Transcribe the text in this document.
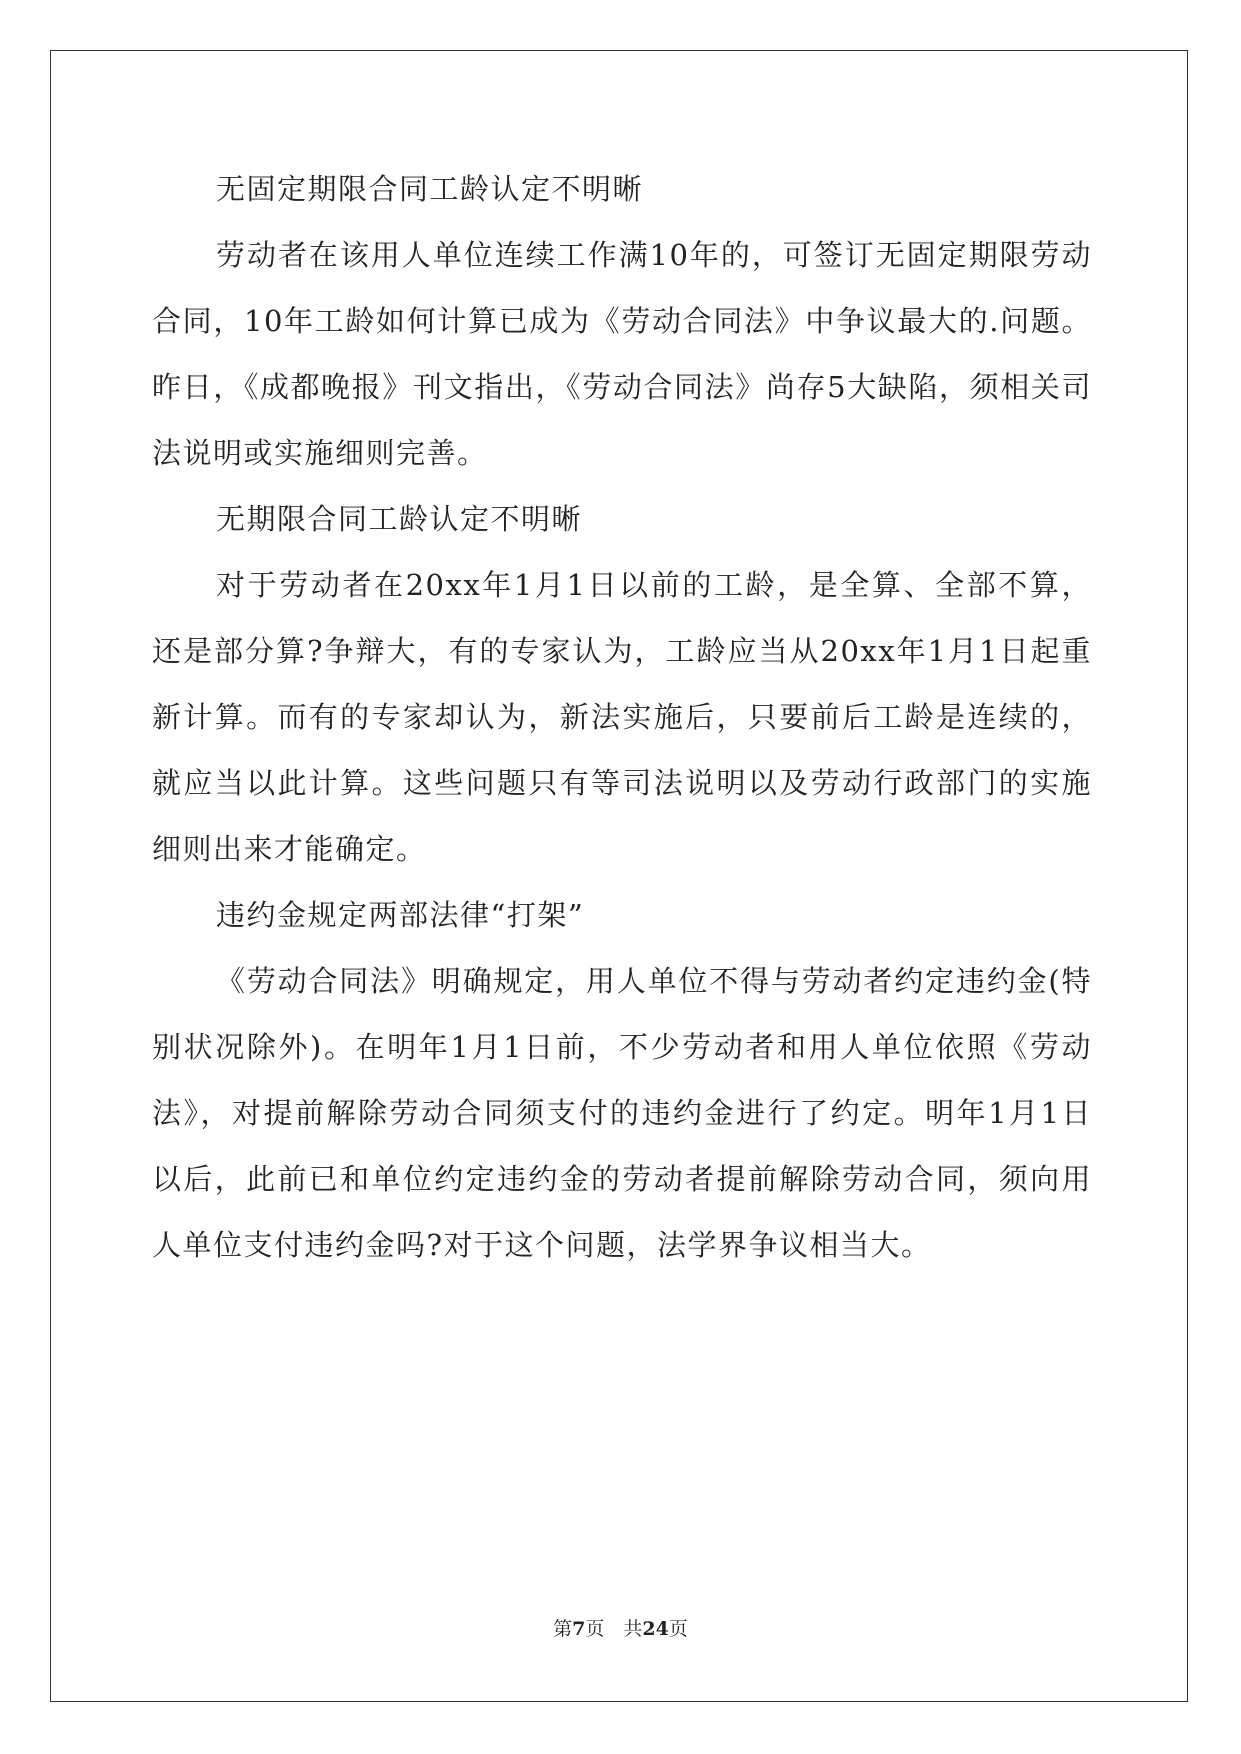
无固定期限合同工龄认定不明晰

劳动者在该用人单位连续工作满10年的，可签订无固定期限劳动合同，10年工龄如何计算已成为《劳动合同法》中争议最大的.问题。昨日，《成都晚报》刊文指出，《劳动合同法》尚存5大缺陷，须相关司法说明或实施细则完善。

无期限合同工龄认定不明晰

对于劳动者在20xx年1月1日以前的工龄，是全算、全部不算，还是部分算?争辩大，有的专家认为，工龄应当从20xx年1月1日起重新计算。而有的专家却认为，新法实施后，只要前后工龄是连续的，就应当以此计算。这些问题只有等司法说明以及劳动行政部门的实施细则出来才能确定。

违约金规定两部法律“打架”

《劳动合同法》明确规定，用人单位不得与劳动者约定违约金(特别状况除外)。在明年1月1日前，不少劳动者和用人单位依照《劳动法》，对提前解除劳动合同须支付的违约金进行了约定。明年1月1日以后，此前已和单位约定违约金的劳动者提前解除劳动合同，须向用人单位支付违约金吗?对于这个问题，法学界争议相当大。

第7页　共24页
